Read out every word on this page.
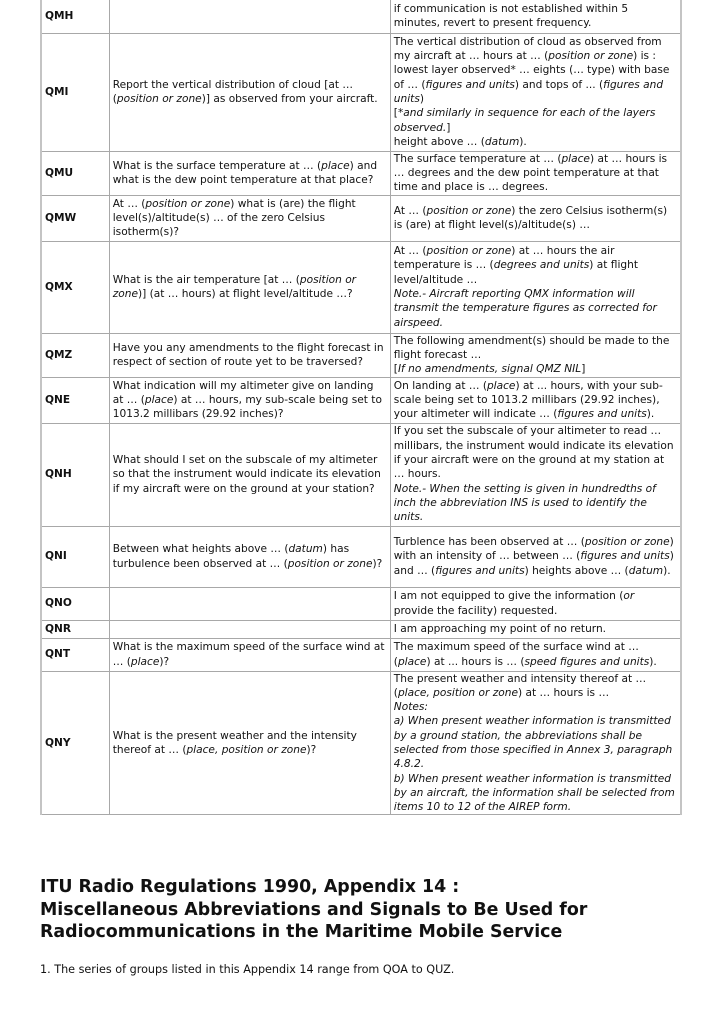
QMH		if communication is not established within 5 minutes, revert to present frequency.

QMI	Report the vertical distribution of cloud [at … (position or zone)] as observed from your aircraft.	The vertical distribution of cloud as observed from my aircraft at … hours at … (position or zone) is : lowest layer observed* … eights (… type) with base of … (figures and units) and tops of ... (figures and units)
[*and similarly in sequence for each of the layers observed.]
height above … (datum).

QMU	What is the surface temperature at … (place) and what is the dew point temperature at that place?	The surface temperature at … (place) at … hours is … degrees and the dew point temperature at that time and place is … degrees.

QMW	At … (position or zone) what is (are) the flight level(s)/altitude(s) … of the zero Celsius isotherm(s)?	At … (position or zone) the zero Celsius isotherm(s) is (are) at flight level(s)/altitude(s) …

QMX	What is the air temperature [at … (position or zone)] (at … hours) at flight level/altitude …?	At … (position or zone) at … hours the air temperature is … (degrees and units) at flight level/altitude …
Note.- Aircraft reporting QMX information will transmit the temperature figures as corrected for airspeed.

QMZ	Have you any amendments to the flight forecast in respect of section of route yet to be traversed?	The following amendment(s) should be made to the flight forecast …
[If no amendments, signal QMZ NIL]

QNE	What indication will my altimeter give on landing at … (place) at … hours, my sub-scale being set to 1013.2 millibars (29.92 inches)?	On landing at … (place) at ... hours, with your sub-scale being set to 1013.2 millibars (29.92 inches), your altimeter will indicate … (figures and units).

QNH	What should I set on the subscale of my altimeter so that the instrument would indicate its elevation if my aircraft were on the ground at your station?	If you set the subscale of your altimeter to read … millibars, the instrument would indicate its elevation if your aircraft were on the ground at my station at … hours.
Note.- When the setting is given in hundredths of inch the abbreviation INS is used to identify the units.

QNI	Between what heights above … (datum) has turbulence been observed at … (position or zone)?	Turblence has been observed at … (position or zone) with an intensity of … between … (figures and units) and … (figures and units) heights above … (datum).

QNO		I am not equipped to give the information (or provide the facility) requested.

QNR		I am approaching my point of no return.

QNT	What is the maximum speed of the surface wind at … (place)?	The maximum speed of the surface wind at … (place) at ... hours is … (speed figures and units).

QNY	What is the present weather and the intensity thereof at … (place, position or zone)?	The present weather and intensity thereof at … (place, position or zone) at … hours is …
Notes:
a) When present weather information is transmitted by a ground station, the abbreviations shall be selected from those specified in Annex 3, paragraph 4.8.2.
b) When present weather information is transmitted by an aircraft, the information shall be selected from items 10 to 12 of the AIREP form.
ITU Radio Regulations 1990, Appendix 14 :
Miscellaneous Abbreviations and Signals to Be Used for
Radiocommunications in the Maritime Mobile Service

1. The series of groups listed in this Appendix 14 range from QOA to QUZ.
